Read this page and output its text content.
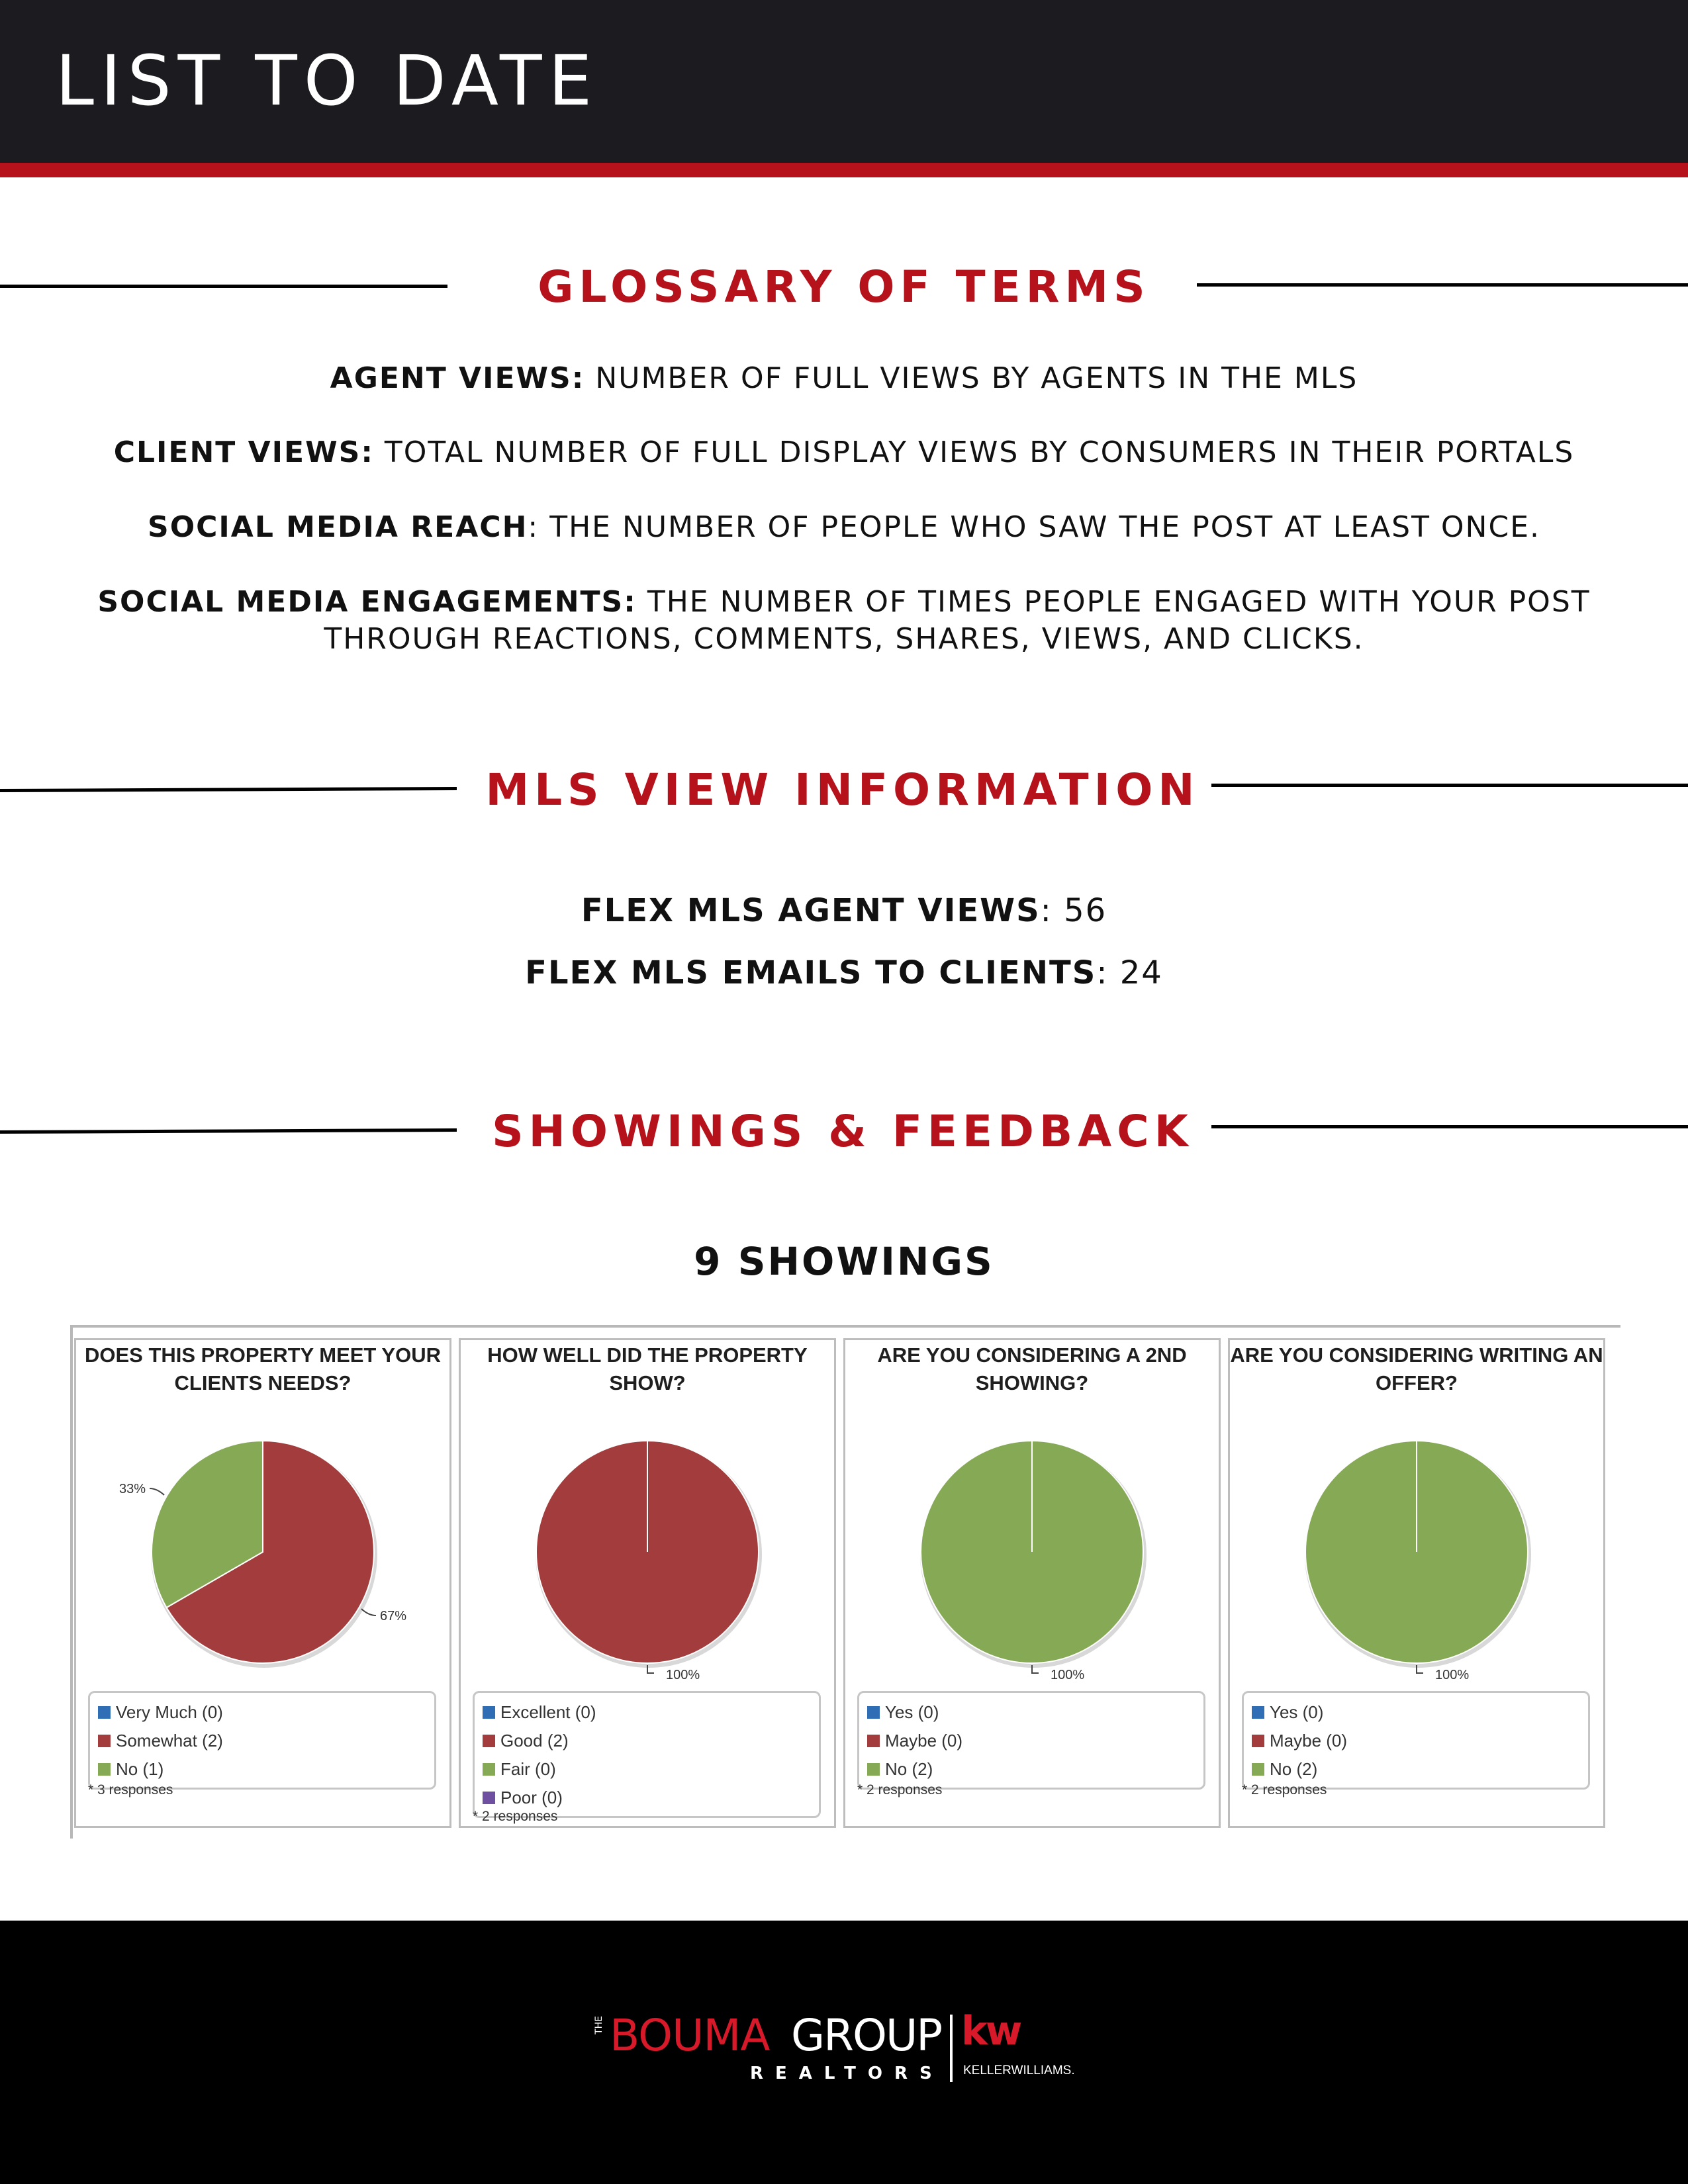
LIST TO DATE
GLOSSARY OF TERMS
AGENT VIEWS: NUMBER OF FULL VIEWS BY AGENTS IN THE MLS
CLIENT VIEWS: TOTAL NUMBER OF FULL DISPLAY VIEWS BY CONSUMERS IN THEIR PORTALS
SOCIAL MEDIA REACH: THE NUMBER OF PEOPLE WHO SAW THE POST AT LEAST ONCE.
SOCIAL MEDIA ENGAGEMENTS: THE NUMBER OF TIMES PEOPLE ENGAGED WITH YOUR POST
THROUGH REACTIONS, COMMENTS, SHARES, VIEWS, AND CLICKS.
MLS VIEW INFORMATION
FLEX MLS AGENT VIEWS: 56
FLEX MLS EMAILS TO CLIENTS: 24
SHOWINGS & FEEDBACK
9 SHOWINGS
DOES THIS PROPERTY MEET YOUR CLIENTS NEEDS?
33%
67%
Very Much (0)
Somewhat (2)
No (1)
* 3 responses
HOW WELL DID THE PROPERTY SHOW?
100%
Excellent (0)
Good (2)
Fair (0)
Poor (0)
* 2 responses
ARE YOU CONSIDERING A 2ND SHOWING?
100%
Yes (0)
Maybe (0)
No (2)
* 2 responses
ARE YOU CONSIDERING WRITING AN OFFER?
100%
Yes (0)
Maybe (0)
No (2)
* 2 responses
THE BOUMA GROUP
REALTORS
kw
KELLERWILLIAMS.
